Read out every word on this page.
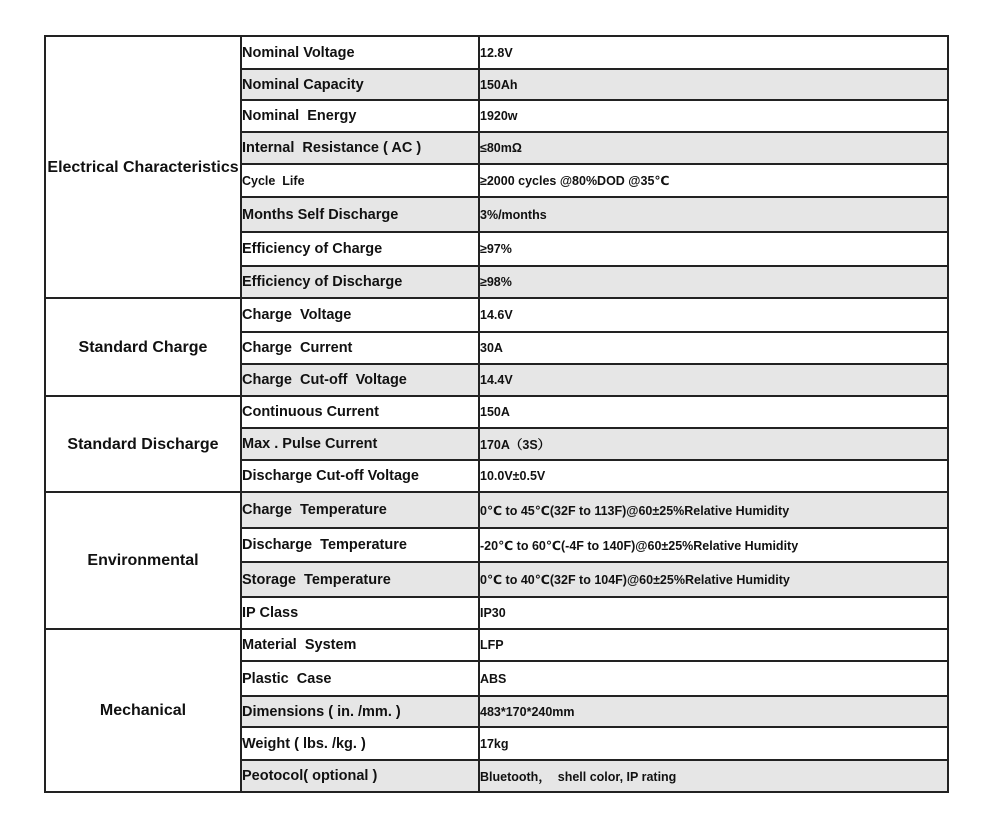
Electrical Characteristics	Nominal Voltage	12.8V
	Nominal Capacity	150Ah
	Nominal  Energy	1920w
	Internal  Resistance ( AC )	≤80mΩ
	Cycle  Life	≥2000 cycles @80%DOD @35℃
	Months Self Discharge	3%/months
	Efficiency of Charge	≥97%
	Efficiency of Discharge	≥98%
Standard Charge	Charge  Voltage	14.6V
	Charge  Current	30A
	Charge  Cut-off  Voltage	14.4V
Standard Discharge	Continuous Current	150A
	Max . Pulse Current	170A（3S）
	Discharge Cut-off Voltage	10.0V±0.5V
Environmental	Charge  Temperature	0℃ to 45℃(32F to 113F)@60±25%Relative Humidity
	Discharge  Temperature	-20℃ to 60℃(-4F to 140F)@60±25%Relative Humidity
	Storage  Temperature	0℃ to 40℃(32F to 104F)@60±25%Relative Humidity
	IP Class	IP30
Mechanical	Material  System	LFP
	Plastic  Case	ABS
	Dimensions ( in. /mm. )	483*170*240mm
	Weight ( lbs. /kg. )	17kg
	Peotocol( optional )	Bluetooth，  shell color, IP rating
